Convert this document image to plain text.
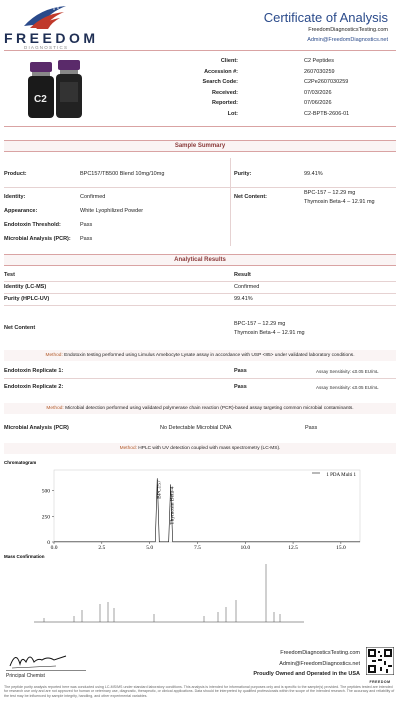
FREEDOM
DIAGNOSTICS
Certificate of Analysis
FreedomDiagnosticsTesting.com
Admin@FreedomDiagnostics.net
C2
Client:	C2 Peptides
Accession #:	2607030259
Search Code:	C2Pe2607030259
Received:	07/03/2026
Reported:	07/06/2026
Lot:	C2-BPTB-2606-01
Sample Summary
Product:	BPC157/TB500 Blend 10mg/10mg	Purity:	99.41%
Identity:	Confirmed	Net Content:
BPC-157 – 12.29 mg
Thymosin Beta-4 – 12.91 mg
Appearance:	White Lyophilized Powder
Endotoxin Threshold:	Pass
Microbial Analysis (PCR): Pass
Analytical Results
Test	Result
Identity (LC-MS)	Confirmed
Purity (HPLC-UV)	99.41%
Net Content
BPC-157 – 12.29 mg
Thymosin Beta-4 – 12.91 mg
Method: Endotoxin testing performed using Limulus Amebocyte Lysate assay in accordance with USP <85> under validated laboratory conditions.
Endotoxin Replicate 1:	Pass	Assay Sensitivity: ≤0.05 EU/mL
Endotoxin Replicate 2:	Pass	Assay Sensitivity: ≤0.05 EU/mL
Method: Microbial detection performed using validated polymerase chain reaction (PCR)-based assay targeting common microbial contaminants.
Microbial Analysis (PCR)	No Detectable Microbial DNA	Pass
Method: HPLC with UV detection coupled with mass spectrometry (LC-MS).
Chromatogram
1 PDA Multi 1
0.0	2.5	5.0	7.5	10.0	12.5	15.0
0
250
500	BPC157 Thymosin Beta-4
Mass Confirmation
Principal Chemist
FreedomDiagnosticsTesting.com
Admin@FreedomDiagnostics.net
Proudly Owned and Operated in the USA
FREEDOM
The peptide purity analysis reported here was conducted using LC-MS/MS under standard laboratory conditions. This analysis is intended for informational purposes only and is specific to the sample(s) provided. The peptides tested are intended for research use only and are not approved for human or veterinary use, diagnostic, therapeutic, or clinical applications. Data should be interpreted by qualified professionals within the scope of the intended research. The accuracy and reliability of the test may be influenced by sample integrity, handling, and other experimental variables.
